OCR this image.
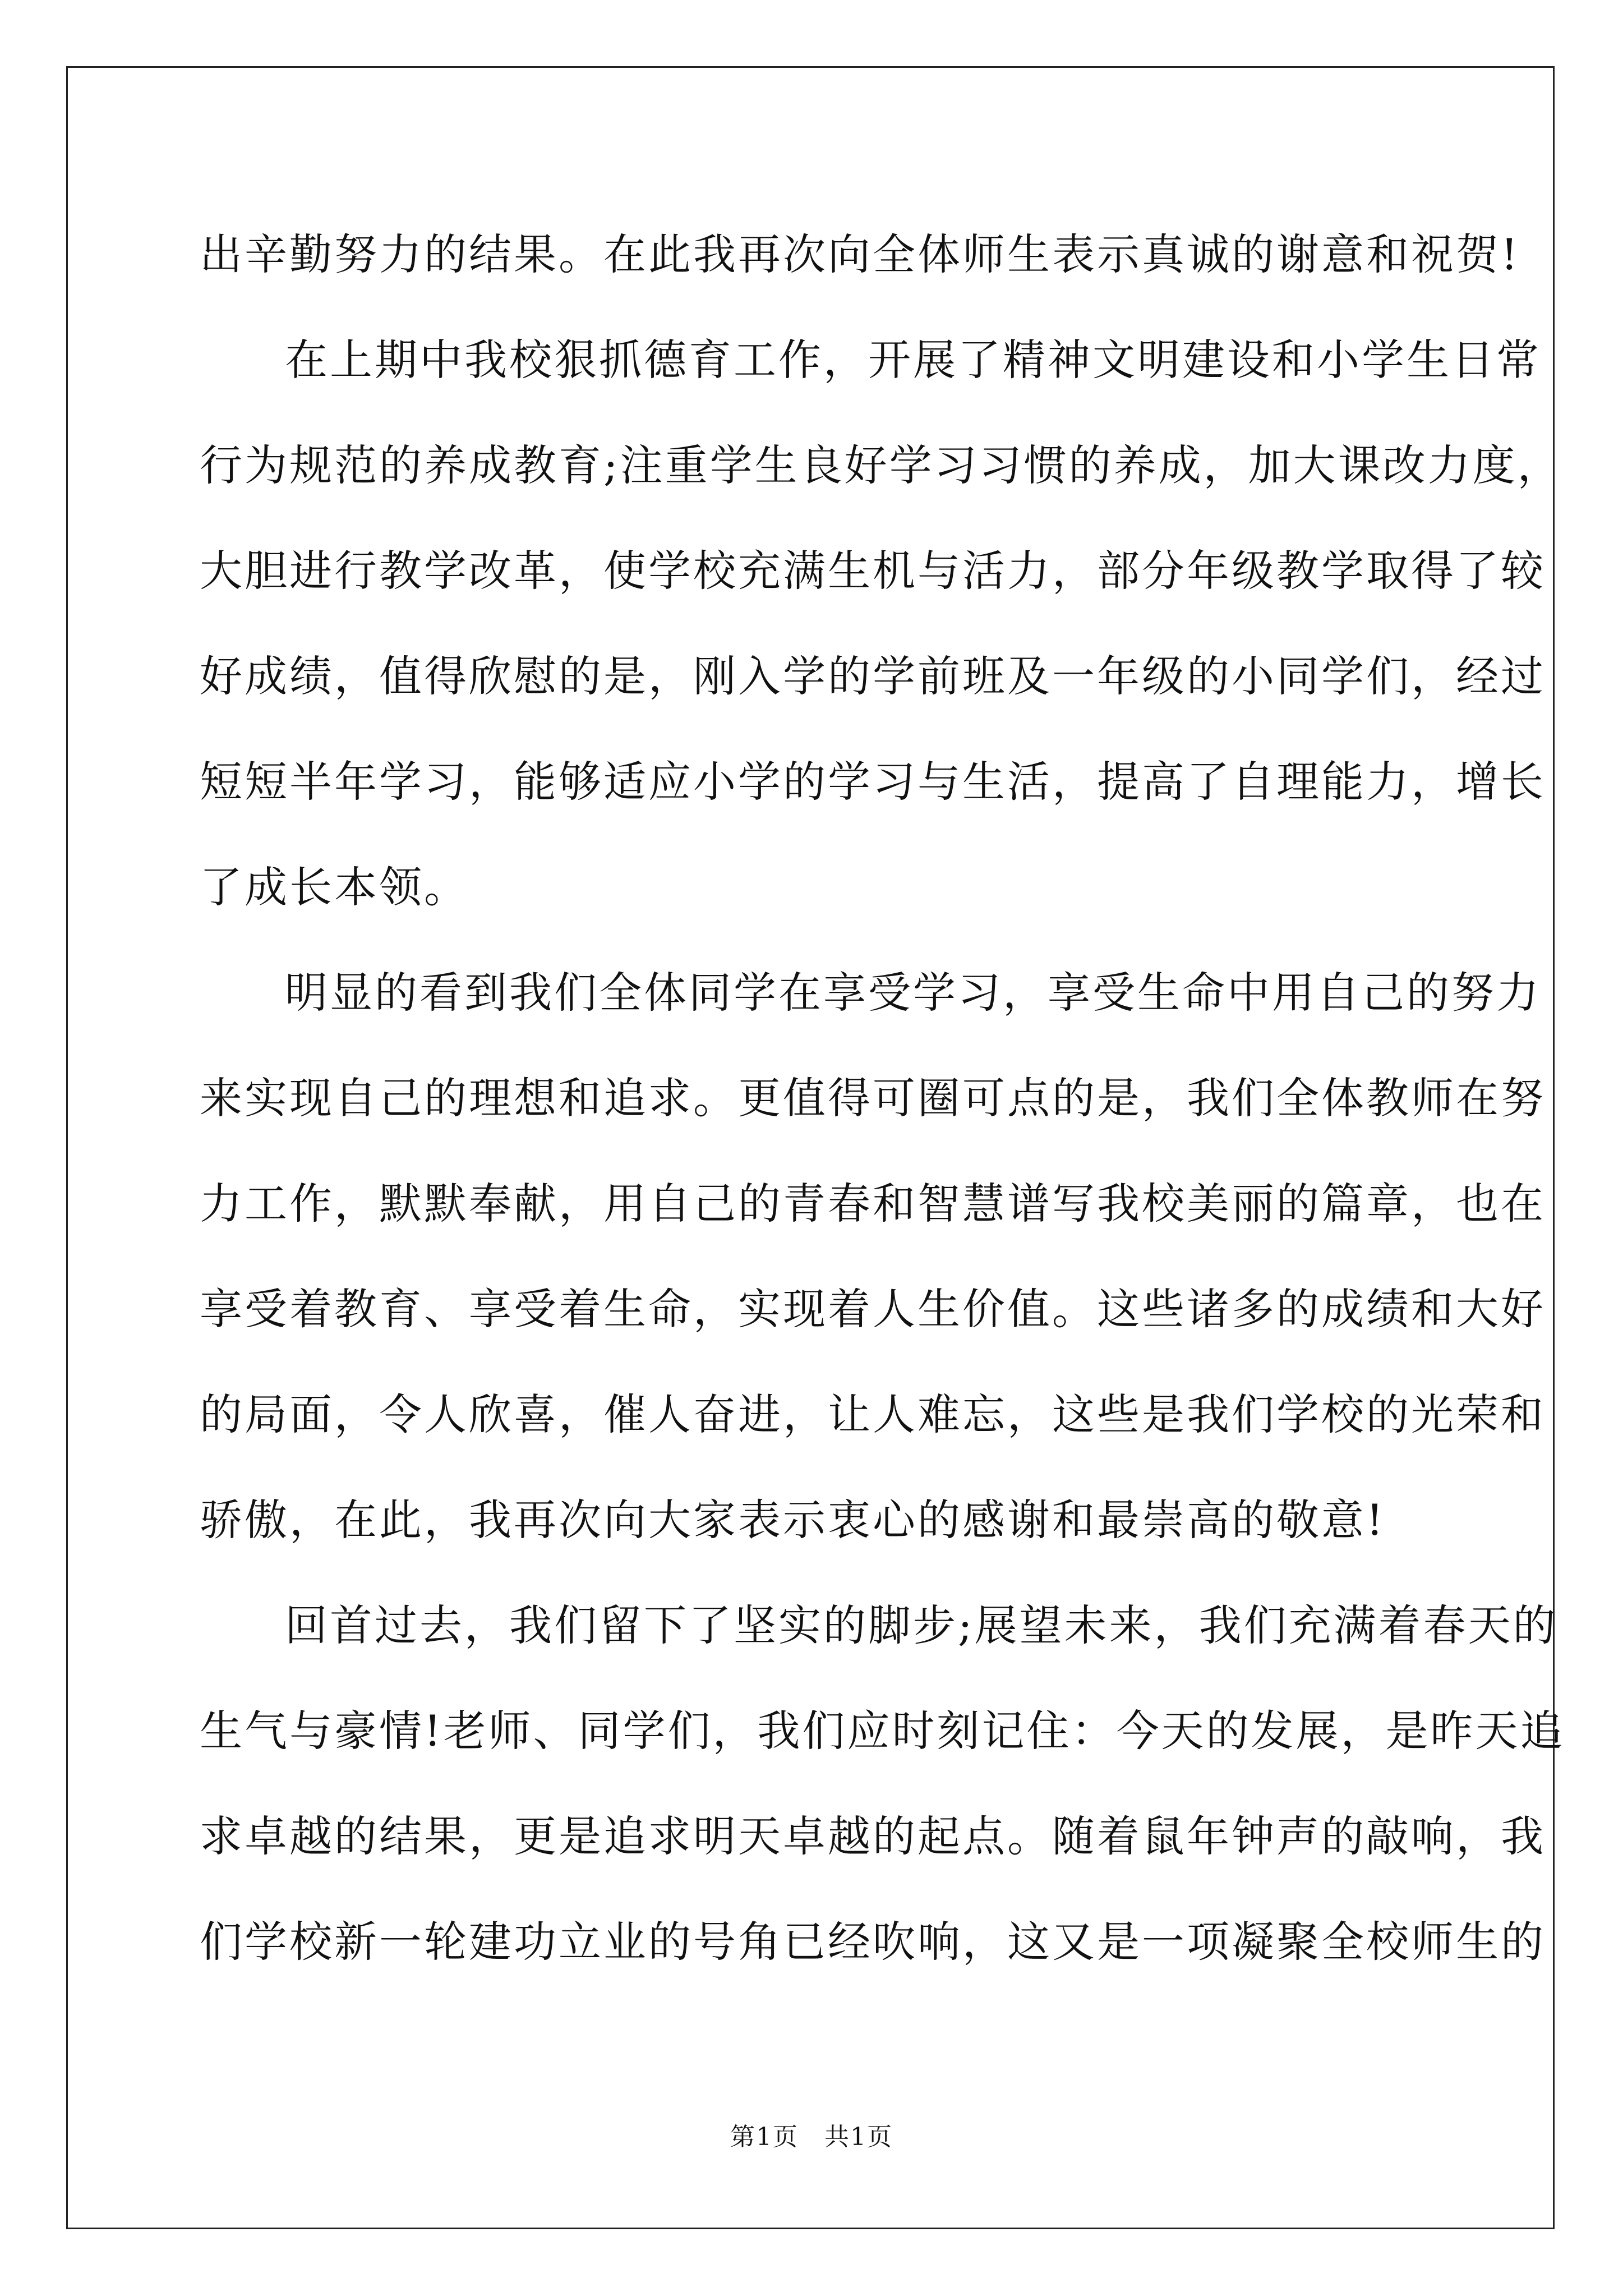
出辛勤努力的结果。在此我再次向全体师生表示真诚的谢意和祝贺!
在上期中我校狠抓德育工作，开展了精神文明建设和小学生日常
行为规范的养成教育;注重学生良好学习习惯的养成，加大课改力度，
大胆进行教学改革，使学校充满生机与活力，部分年级教学取得了较
好成绩，值得欣慰的是，刚入学的学前班及一年级的小同学们，经过
短短半年学习，能够适应小学的学习与生活，提高了自理能力，增长
了成长本领。
明显的看到我们全体同学在享受学习，享受生命中用自己的努力
来实现自己的理想和追求。更值得可圈可点的是，我们全体教师在努
力工作，默默奉献，用自己的青春和智慧谱写我校美丽的篇章，也在
享受着教育、享受着生命，实现着人生价值。这些诸多的成绩和大好
的局面，令人欣喜，催人奋进，让人难忘，这些是我们学校的光荣和
骄傲，在此，我再次向大家表示衷心的感谢和最崇高的敬意!
回首过去，我们留下了坚实的脚步;展望未来，我们充满着春天的
生气与豪情!老师、同学们，我们应时刻记住：今天的发展，是昨天追
求卓越的结果，更是追求明天卓越的起点。随着鼠年钟声的敲响，我
们学校新一轮建功立业的号角已经吹响，这又是一项凝聚全校师生的
第1页　共1页
